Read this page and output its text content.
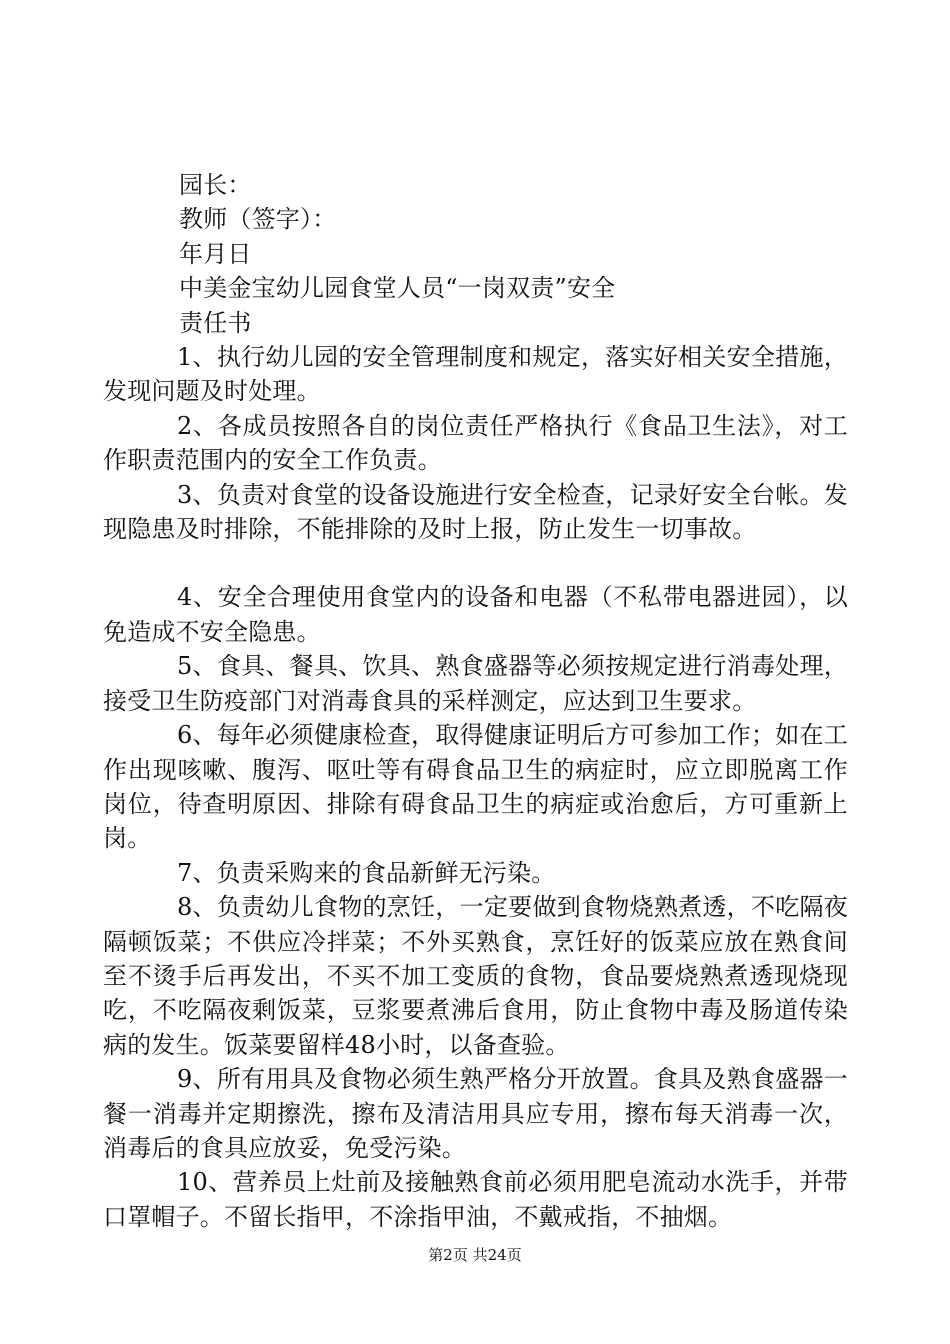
园长：

教师（签字）：

年月日

中美金宝幼儿园食堂人员“一岗双责”安全

责任书

1、执行幼儿园的安全管理制度和规定，落实好相关安全措施，发现问题及时处理。

2、各成员按照各自的岗位责任严格执行《食品卫生法》，对工作职责范围内的安全工作负责。

3、负责对食堂的设备设施进行安全检查，记录好安全台帐。发现隐患及时排除，不能排除的及时上报，防止发生一切事故。

4、安全合理使用食堂内的设备和电器（不私带电器进园），以免造成不安全隐患。

5、食具、餐具、饮具、熟食盛器等必须按规定进行消毒处理，接受卫生防疫部门对消毒食具的采样测定，应达到卫生要求。

6、每年必须健康检查，取得健康证明后方可参加工作；如在工作出现咳嗽、腹泻、呕吐等有碍食品卫生的病症时，应立即脱离工作岗位，待查明原因、排除有碍食品卫生的病症或治愈后，方可重新上岗。

7、负责采购来的食品新鲜无污染。

8、负责幼儿食物的烹饪，一定要做到食物烧熟煮透，不吃隔夜隔顿饭菜；不供应冷拌菜；不外买熟食，烹饪好的饭菜应放在熟食间至不烫手后再发出，不买不加工变质的食物，食品要烧熟煮透现烧现吃，不吃隔夜剩饭菜，豆浆要煮沸后食用，防止食物中毒及肠道传染病的发生。饭菜要留样48小时，以备查验。

9、所有用具及食物必须生熟严格分开放置。食具及熟食盛器一餐一消毒并定期擦洗，擦布及清洁用具应专用，擦布每天消毒一次，消毒后的食具应放妥，免受污染。

10、营养员上灶前及接触熟食前必须用肥皂流动水洗手，并带口罩帽子。不留长指甲，不涂指甲油，不戴戒指，不抽烟。

第2页 共24页
